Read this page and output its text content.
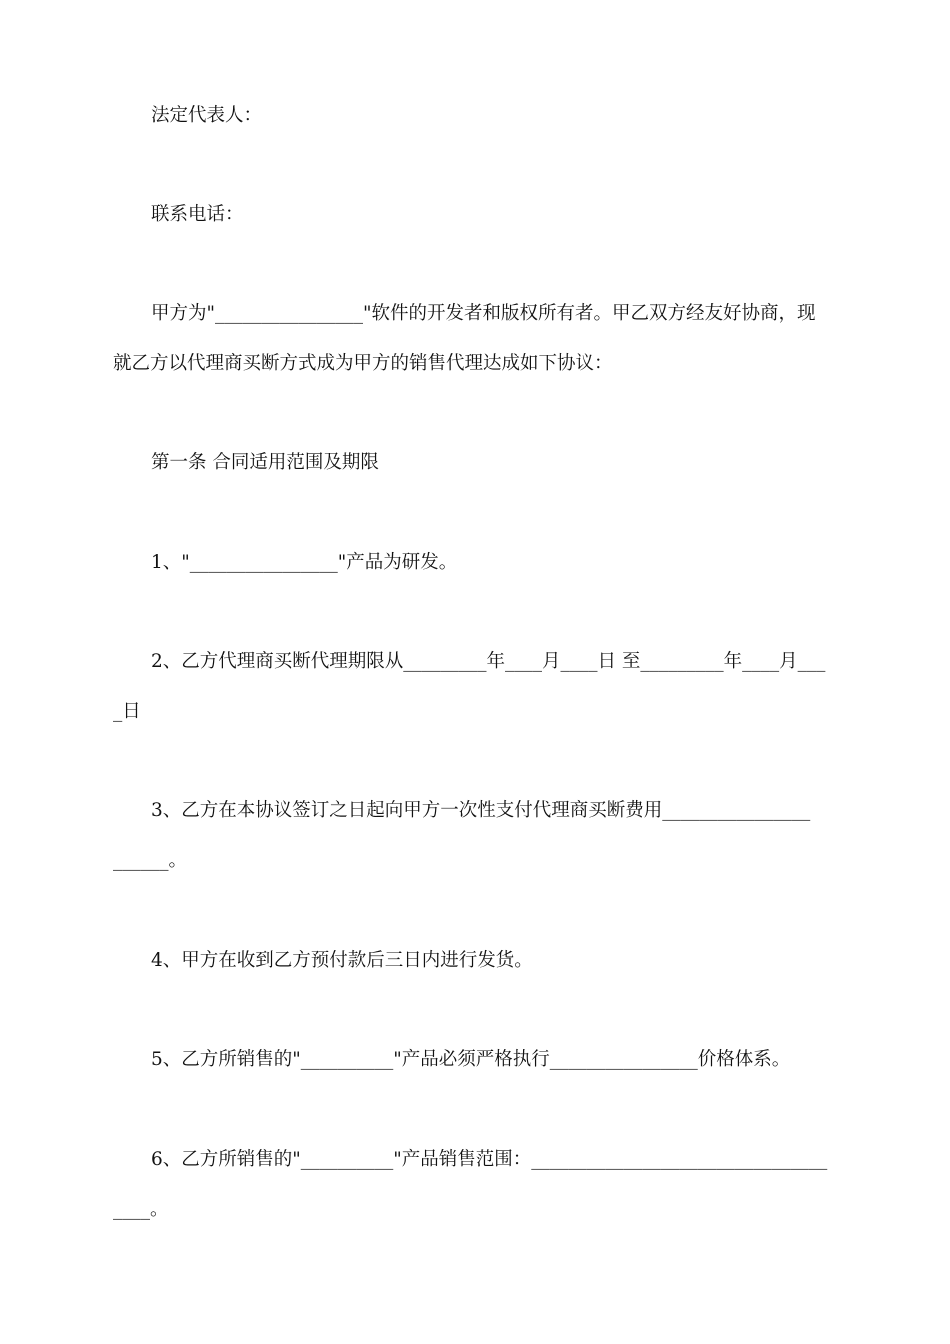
法定代表人：
联系电话：
甲方为"________________"软件的开发者和版权所有者。甲乙双方经友好协商，现
就乙方以代理商买断方式成为甲方的销售代理达成如下协议：
第一条 合同适用范围及期限
1、"________________"产品为研发。
2、乙方代理商买断代理期限从_________年____月____日 至_________年____月___
_日
3、乙方在本协议签订之日起向甲方一次性支付代理商买断费用________________
______。
4、甲方在收到乙方预付款后三日内进行发货。
5、乙方所销售的"__________"产品必须严格执行________________价格体系。
6、乙方所销售的"__________"产品销售范围：________________________________
____。
